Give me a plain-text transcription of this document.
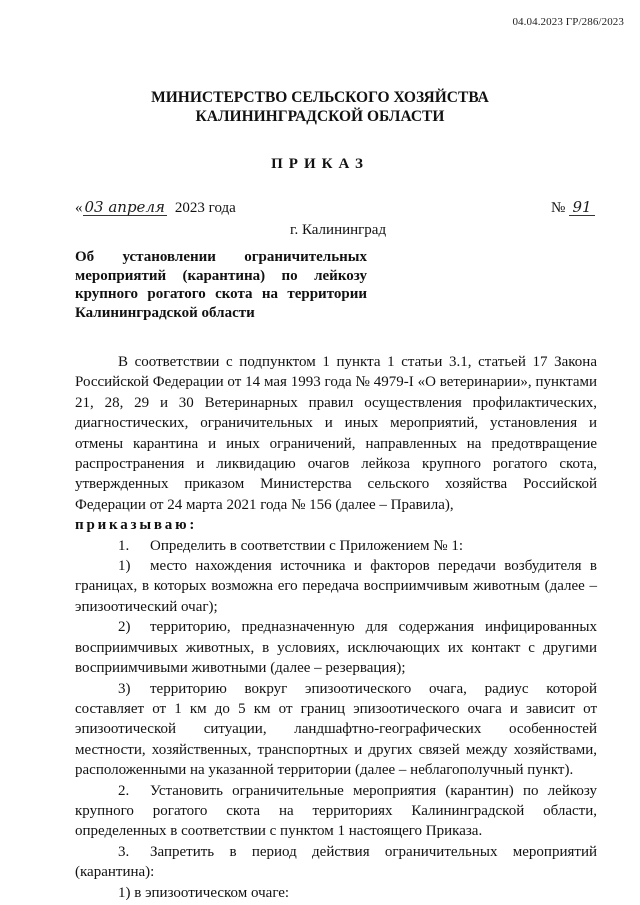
04.04.2023 ГР/286/2023
МИНИСТЕРСТВО СЕЛЬСКОГО ХОЗЯЙСТВА
КАЛИНИНГРАДСКОЙ ОБЛАСТИ
ПРИКАЗ
« 03 апреля 2023 года	№ 91
г. Калининград
Об установлении ограничительных мероприятий (карантина) по лейкозу крупного рогатого скота на территории Калининградской области

В соответствии с подпунктом 1 пункта 1 статьи 3.1, статьей 17 Закона Российской Федерации от 14 мая 1993 года № 4979-I «О ветеринарии», пунктами 21, 28, 29 и 30 Ветеринарных правил осуществления профилактических, диагностических, ограничительных и иных мероприятий, установления и отмены карантина и иных ограничений, направленных на предотвращение распространения и ликвидацию очагов лейкоза крупного рогатого скота, утвержденных приказом Министерства сельского хозяйства Российской Федерации от 24 марта 2021 года № 156 (далее – Правила),

приказываю:

1. Определить в соответствии с Приложением № 1:

1) место нахождения источника и факторов передачи возбудителя в границах, в которых возможна его передача восприимчивым животным (далее – эпизоотический очаг);

2) территорию, предназначенную для содержания инфицированных восприимчивых животных, в условиях, исключающих их контакт с другими восприимчивыми животными (далее – резервация);

3) территорию вокруг эпизоотического очага, радиус которой составляет от 1 км до 5 км от границ эпизоотического очага и зависит от эпизоотической ситуации, ландшафтно-географических особенностей местности, хозяйственных, транспортных и других связей между хозяйствами, расположенными на указанной территории (далее – неблагополучный пункт).

2. Установить ограничительные мероприятия (карантин) по лейкозу крупного рогатого скота на территориях Калининградской области, определенных в соответствии с пунктом 1 настоящего Приказа.

3. Запретить в период действия ограничительных мероприятий (карантина):

1) в эпизоотическом очаге:
